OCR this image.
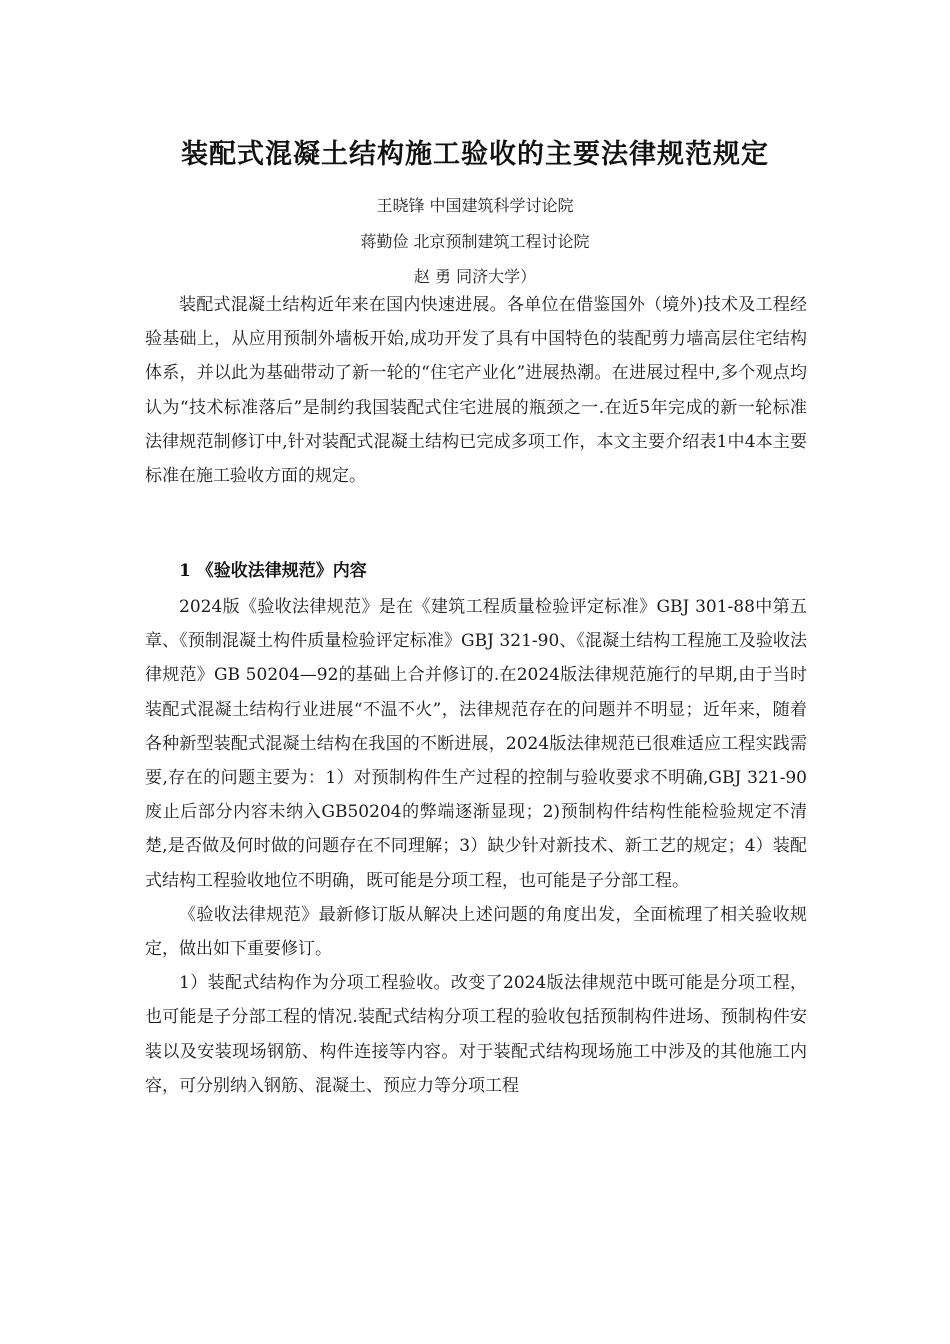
装配式混凝土结构施工验收的主要法律规范规定
王晓锋 中国建筑科学讨论院
蒋勤俭 北京预制建筑工程讨论院
赵 勇 同济大学）

装配式混凝土结构近年来在国内快速进展。各单位在借鉴国外（境外)技术及工程经验基础上，从应用预制外墙板开始,成功开发了具有中国特色的装配剪力墙高层住宅结构体系，并以此为基础带动了新一轮的“住宅产业化”进展热潮。在进展过程中,多个观点均认为“技术标准落后”是制约我国装配式住宅进展的瓶颈之一.在近5年完成的新一轮标准法律规范制修订中,针对装配式混凝土结构已完成多项工作，本文主要介绍表1中4本主要标准在施工验收方面的规定。

1 《验收法律规范》内容

2024版《验收法律规范》是在《建筑工程质量检验评定标准》GBJ 301-88中第五章、《预制混凝土构件质量检验评定标准》GBJ 321-90、《混凝土结构工程施工及验收法律规范》GB 50204—92的基础上合并修订的.在2024版法律规范施行的早期,由于当时装配式混凝土结构行业进展“不温不火”，法律规范存在的问题并不明显；近年来，随着各种新型装配式混凝土结构在我国的不断进展，2024版法律规范已很难适应工程实践需要,存在的问题主要为：1）对预制构件生产过程的控制与验收要求不明确,GBJ 321-90废止后部分内容未纳入GB50204的弊端逐渐显现；2)预制构件结构性能检验规定不清楚,是否做及何时做的问题存在不同理解；3）缺少针对新技术、新工艺的规定；4）装配式结构工程验收地位不明确，既可能是分项工程，也可能是子分部工程。

《验收法律规范》最新修订版从解决上述问题的角度出发，全面梳理了相关验收规定，做出如下重要修订。

1）装配式结构作为分项工程验收。改变了2024版法律规范中既可能是分项工程，也可能是子分部工程的情况.装配式结构分项工程的验收包括预制构件进场、预制构件安装以及安装现场钢筋、构件连接等内容。对于装配式结构现场施工中涉及的其他施工内容，可分别纳入钢筋、混凝土、预应力等分项工程
